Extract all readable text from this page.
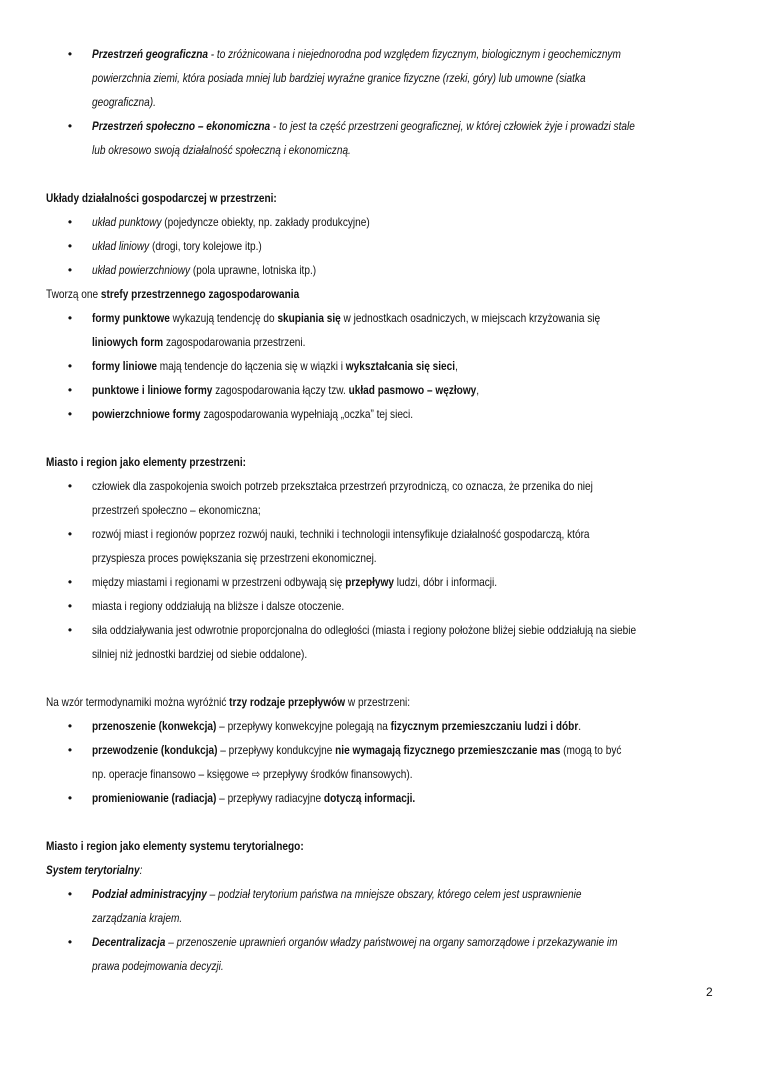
• Przestrzeń geograficzna - to zróżnicowana i niejednorodna pod względem fizycznym, biologicznym i geochemicznym
powierzchnia ziemi, która posiada mniej lub bardziej wyraźne granice fizyczne (rzeki, góry) lub umowne (siatka
geograficzna).
• Przestrzeń społeczno – ekonomiczna - to jest ta część przestrzeni geograficznej, w której człowiek żyje i prowadzi stale
lub okresowo swoją działalność społeczną i ekonomiczną.
Układy działalności gospodarczej w przestrzeni:
• układ punktowy (pojedyncze obiekty, np. zakłady produkcyjne)
• układ liniowy (drogi, tory kolejowe itp.)
• układ powierzchniowy (pola uprawne, lotniska itp.)
Tworzą one strefy przestrzennego zagospodarowania
• formy punktowe wykazują tendencję do skupiania się w jednostkach osadniczych, w miejscach krzyżowania się
liniowych form zagospodarowania przestrzeni.
• formy liniowe mają tendencje do łączenia się w wiązki i wykształcania się sieci,
• punktowe i liniowe formy zagospodarowania łączy tzw. układ pasmowo – węzłowy,
• powierzchniowe formy zagospodarowania wypełniają „oczka” tej sieci.
Miasto i region jako elementy przestrzeni:
• człowiek dla zaspokojenia swoich potrzeb przekształca przestrzeń przyrodniczą, co oznacza, że przenika do niej
przestrzeń społeczno – ekonomiczna;
• rozwój miast i regionów poprzez rozwój nauki, techniki i technologii intensyfikuje działalność gospodarczą, która
przyspiesza proces powiększania się przestrzeni ekonomicznej.
• między miastami i regionami w przestrzeni odbywają się przepływy ludzi, dóbr i informacji.
• miasta i regiony oddziałują na bliższe i dalsze otoczenie.
• siła oddziaływania jest odwrotnie proporcjonalna do odległości (miasta i regiony położone bliżej siebie oddziałują na siebie
silniej niż jednostki bardziej od siebie oddalone).
Na wzór termodynamiki można wyróżnić trzy rodzaje przepływów w przestrzeni:
• przenoszenie (konwekcja) – przepływy konwekcyjne polegają na fizycznym przemieszczaniu ludzi i dóbr.
• przewodzenie (kondukcja) – przepływy kondukcyjne nie wymagają fizycznego przemieszczanie mas (mogą to być
np. operacje finansowo – księgowe ⇨ przepływy środków finansowych).
• promieniowanie (radiacja) – przepływy radiacyjne dotyczą informacji.
Miasto i region jako elementy systemu terytorialnego:
System terytorialny:
• Podział administracyjny – podział terytorium państwa na mniejsze obszary, którego celem jest usprawnienie
zarządzania krajem.
• Decentralizacja – przenoszenie uprawnień organów władzy państwowej na organy samorządowe i przekazywanie im
prawa podejmowania decyzji.
2
